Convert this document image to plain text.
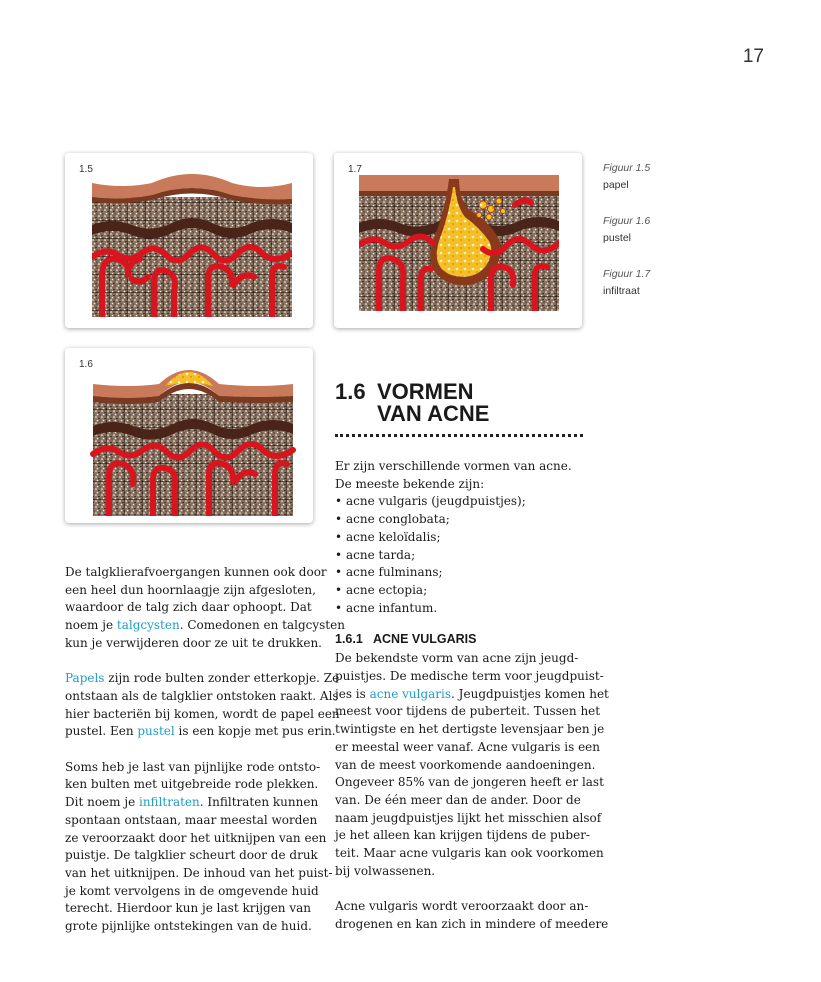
17
1.5	1.7
1.6
Figuur 1.5
papel
Figuur 1.6
pustel
Figuur 1.7
infiltraat
1.6 VORMEN
VAN ACNE

Er zijn verschillende vormen van acne.

De meeste bekende zijn:

• acne vulgaris (jeugdpuistjes);
• acne conglobata;
• acne keloïdalis;
• acne tarda;
• acne fulminans;
• acne ectopia;
• acne infantum.
1.6.1 ACNE VULGARIS

De bekendste vorm van acne zijn jeugd-

puistjes. De medische term voor jeugdpuist-

jes is acne vulgaris. Jeugdpuistjes komen het

meest voor tijdens de puberteit. Tussen het

twintigste en het dertigste levensjaar ben je

er meestal weer vanaf. Acne vulgaris is een

van de meest voorkomende aandoeningen.

Ongeveer 85% van de jongeren heeft er last

van. De één meer dan de ander. Door de

naam jeugdpuistjes lijkt het misschien alsof

je het alleen kan krijgen tijdens de puber-

teit. Maar acne vulgaris kan ook voorkomen

bij volwassenen.

Acne vulgaris wordt veroorzaakt door an-

drogenen en kan zich in mindere of meedere

De talgklierafvoergangen kunnen ook door

een heel dun hoornlaagje zijn afgesloten,

waardoor de talg zich daar ophoopt. Dat

noem je talgcysten. Comedonen en talgcysten

kun je verwijderen door ze uit te drukken.

Papels zijn rode bulten zonder etterkopje. Ze

ontstaan als de talgklier ontstoken raakt. Als

hier bacteriën bij komen, wordt de papel een

pustel. Een pustel is een kopje met pus erin.

Soms heb je last van pijnlijke rode ontsto-

ken bulten met uitgebreide rode plekken.

Dit noem je infiltraten. Infiltraten kunnen

spontaan ontstaan, maar meestal worden

ze veroorzaakt door het uitknijpen van een

puistje. De talgklier scheurt door de druk

van het uitknijpen. De inhoud van het puist-

je komt vervolgens in de omgevende huid

terecht. Hierdoor kun je last krijgen van

grote pijnlijke ontstekingen van de huid.
